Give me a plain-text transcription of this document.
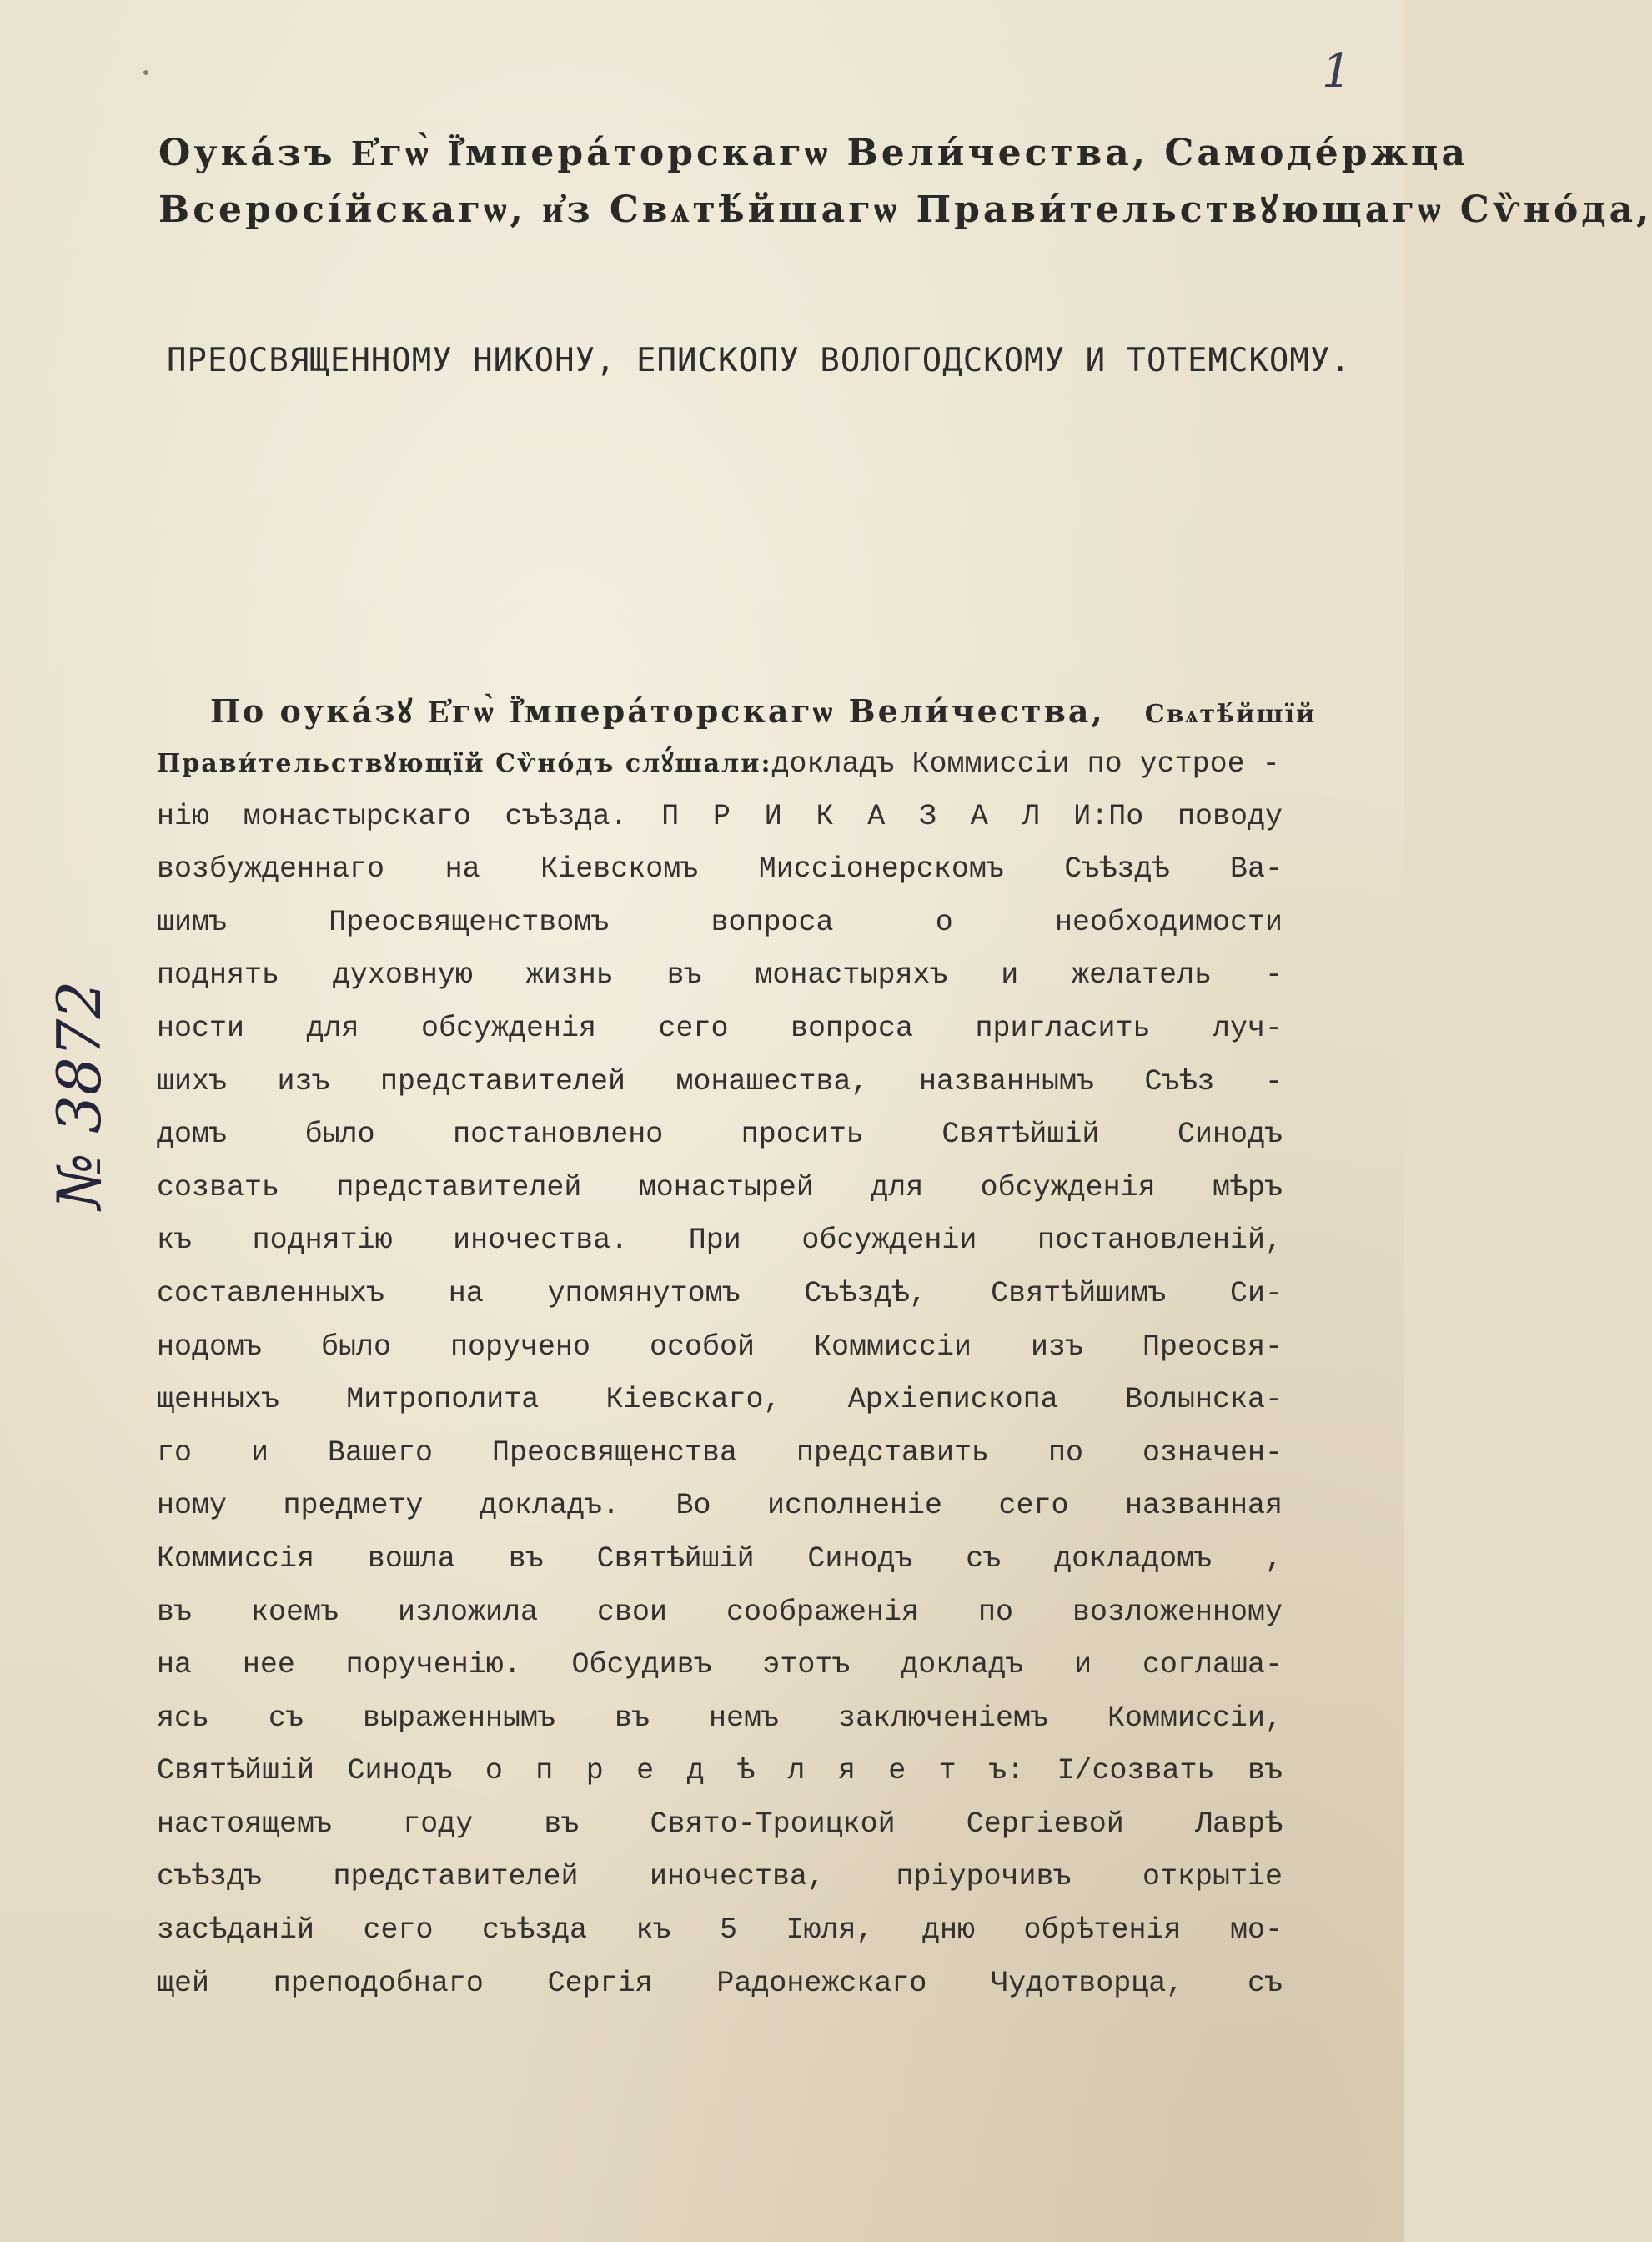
1
Оукáзъ Е҆гѡ̀ Ї҆мперáторскагѡ Вели́чества, Самоде́ржца
Всеросі́йскагѡ, и҆з Свѧтѣ́йшагѡ Прави́тельствꙋющагѡ Сѷно́да,
ПРЕОСВЯЩЕННОМУ НИКОНУ, ЕПИСКОПУ ВОЛОГОДСКОМУ И ТОТЕМСКОМУ.
По оукáзꙋ Е҆гѡ̀ Ї҆мперáторскагѡ Вели́чества, Свѧтѣ́йшїй
Прави́тельствꙋющїй Сѷно́дъ слꙋ́шали:докладъ Коммиссіи по устрое -
нію монастырскаго съѣзда. П Р И К А З А Л И:По поводу
возбужденнаго на Кіевскомъ Миссіонерскомъ Съѣздѣ Ва-
шимъ Преосвященствомъ вопроса о необходимости
поднять духовную жизнь въ монастыряхъ и желатель -
ности для обсужденія сего вопроса пригласить луч-
шихъ изъ представителей монашества, названнымъ Съѣз -
домъ было постановлено просить Святѣйшій Синодъ
созвать представителей монастырей для обсужденія мѣръ
къ поднятію иночества. При обсужденіи постановленій,
составленныхъ на упомянутомъ Съѣздѣ, Святѣйшимъ Си-
нодомъ было поручено особой Коммиссіи изъ Преосвя-
щенныхъ Митрополита Кіевскаго, Архіепископа Волынска-
го и Вашего Преосвященства представить по означен-
ному предмету докладъ. Во исполненіе сего названная
Коммиссія вошла въ Святѣйшій Синодъ съ докладомъ ,
въ коемъ изложила свои соображенія по возложенному
на нее порученію. Обсудивъ этотъ докладъ и соглаша-
ясь съ выраженнымъ въ немъ заключеніемъ Коммиссіи,
Святѣйшій Синодъ о п р е д ѣ л я е т ъ: І/созвать въ
настоящемъ году въ Свято-Троицкой Сергіевой Лаврѣ
съѣздъ представителей иночества, пріурочивъ открытіе
засѣданій сего съѣзда къ 5 Іюля, дню обрѣтенія мо-
щей преподобнаго Сергія Радонежскаго Чудотворца, съ
№ 3872
